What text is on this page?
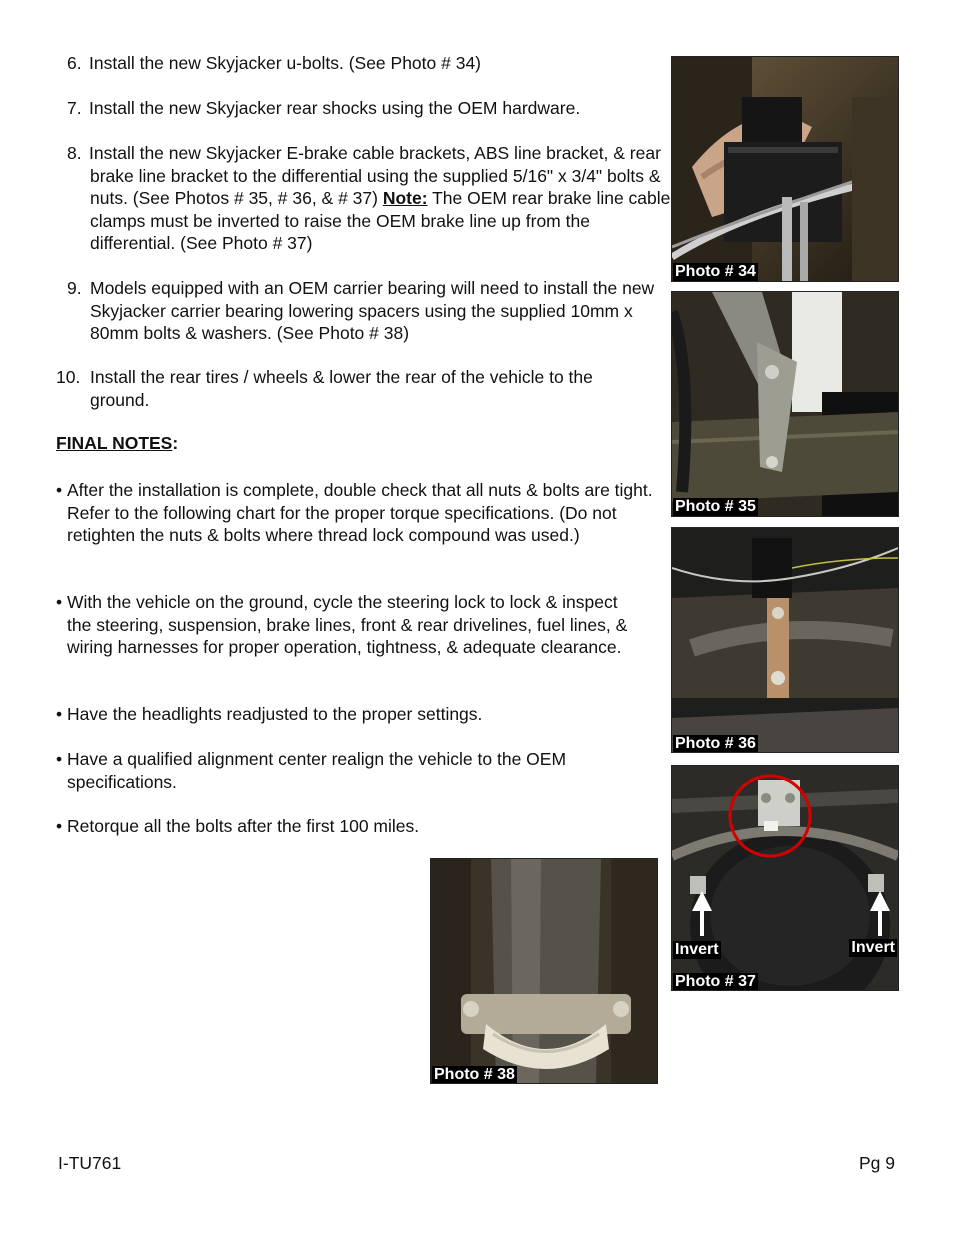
6. Install the new Skyjacker u-bolts. (See Photo # 34)
7. Install the new Skyjacker rear shocks using the OEM hardware.
8. Install the new Skyjacker E-brake cable brackets, ABS line bracket, & rear brake line bracket to the differential using the supplied 5/16" x 3/4" bolts & nuts. (See Photos # 35, # 36, & # 37) Note: The OEM rear brake line cable clamps must be inverted to raise the OEM brake line up from the differential. (See Photo # 37)
9. Models equipped with an OEM carrier bearing will need to install the new Skyjacker carrier bearing lowering spacers using the supplied 10mm x 80mm bolts & washers. (See Photo # 38)
10. Install the rear tires / wheels & lower the rear of the vehicle to the ground.
FINAL NOTES:
• After the installation is complete, double check that all nuts & bolts are tight. Refer to the following chart for the proper torque specifications. (Do not retighten the nuts & bolts where thread lock compound was used.)
• With the vehicle on the ground, cycle the steering lock to lock & inspect the steering, suspension, brake lines, front & rear drivelines, fuel lines, & wiring harnesses for proper operation, tightness, & adequate clearance.
• Have the headlights readjusted to the proper settings.
• Have a qualified alignment center realign the vehicle to the OEM specifications.
• Retorque all the bolts after the first 100 miles.
Photo # 34
Photo # 35
Photo # 36
Invert	Invert
Photo # 37
Photo # 38
I-TU761	Pg 9
